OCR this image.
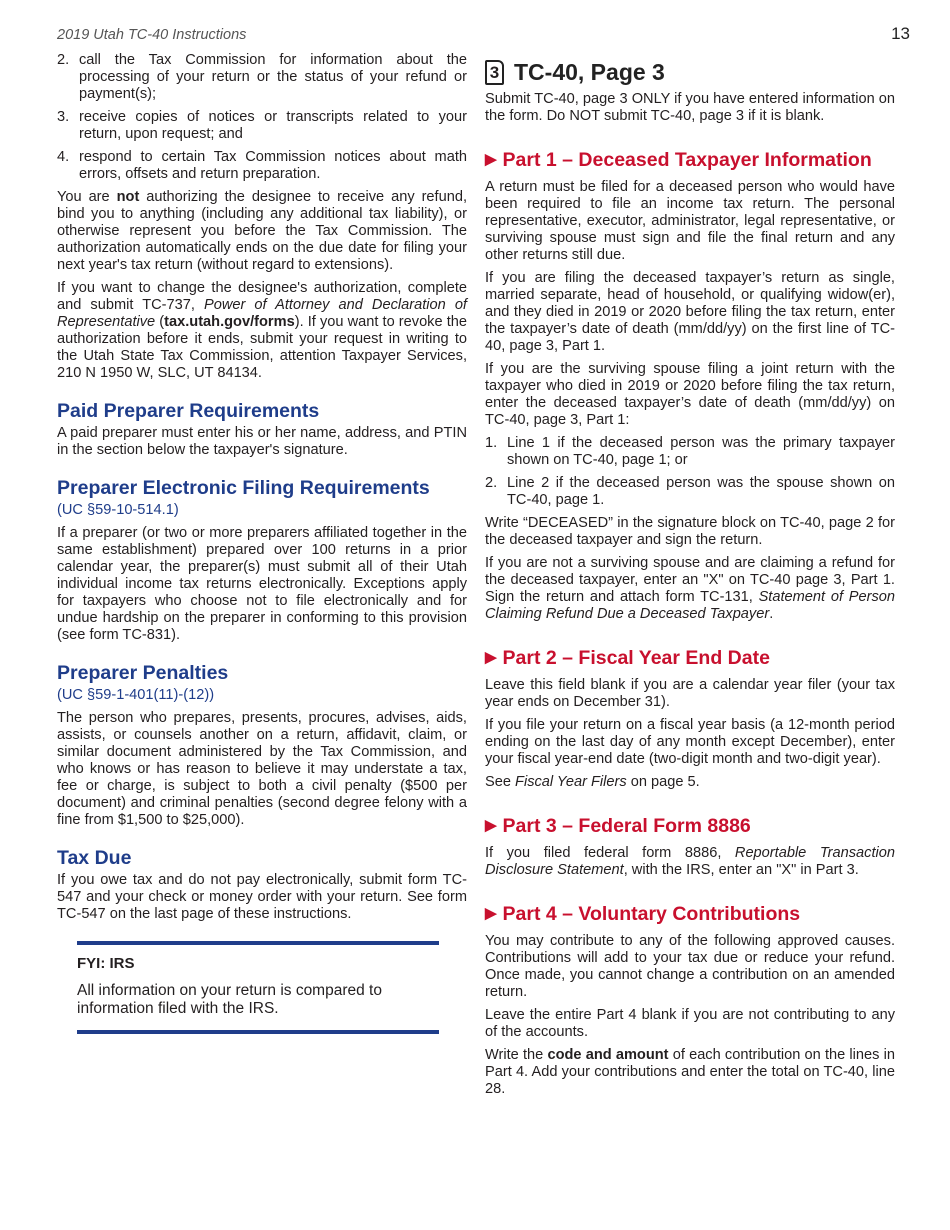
2019 Utah TC-40 Instructions	13
2. call the Tax Commission for information about the processing of your return or the status of your refund or payment(s);
3. receive copies of notices or transcripts related to your return, upon request; and
4. respond to certain Tax Commission notices about math errors, offsets and return preparation.

You are not authorizing the designee to receive any refund, bind you to anything (including any additional tax liability), or otherwise represent you before the Tax Commission. The authorization automatically ends on the due date for filing your next year's tax return (without regard to extensions).

If you want to change the designee's authorization, complete and submit TC-737, Power of Attorney and Declaration of Representative (tax.utah.gov/forms). If you want to revoke the authorization before it ends, submit your request in writing to the Utah State Tax Commission, attention Taxpayer Services, 210 N 1950 W, SLC, UT 84134.

Paid Preparer Requirements

A paid preparer must enter his or her name, address, and PTIN in the section below the taxpayer's signature.

Preparer Electronic Filing Requirements
(UC §59-10-514.1)

If a preparer (or two or more preparers affiliated together in the same establishment) prepared over 100 returns in a prior calendar year, the preparer(s) must submit all of their Utah individual income tax returns electronically. Exceptions apply for taxpayers who choose not to file electronically and for undue hardship on the preparer in conforming to this provision (see form TC-831).

Preparer Penalties
(UC §59-1-401(11)-(12))

The person who prepares, presents, procures, advises, aids, assists, or counsels another on a return, affidavit, claim, or similar document administered by the Tax Commission, and who knows or has reason to believe it may understate a tax, fee or charge, is subject to both a civil penalty ($500 per document) and criminal penalties (second degree felony with a fine from $1,500 to $25,000).

Tax Due

If you owe tax and do not pay electronically, submit form TC-547 and your check or money order with your return. See form TC-547 on the last page of these instructions.

FYI: IRS
All information on your return is compared to information filed with the IRS.
3 TC-40, Page 3

Submit TC-40, page 3 ONLY if you have entered information on the form. Do NOT submit TC-40, page 3 if it is blank.

▶ Part 1 – Deceased Taxpayer Information

A return must be filed for a deceased person who would have been required to file an income tax return. The personal representative, executor, administrator, legal representative, or surviving spouse must sign and file the final return and any other returns still due.

If you are filing the deceased taxpayer’s return as single, married separate, head of household, or qualifying widow(er), and they died in 2019 or 2020 before filing the tax return, enter the taxpayer’s date of death (mm/dd/yy) on the first line of TC-40, page 3, Part 1.

If you are the surviving spouse filing a joint return with the taxpayer who died in 2019 or 2020 before filing the tax return, enter the deceased taxpayer’s date of death (mm/dd/yy) on TC-40, page 3, Part 1:

1. Line 1 if the deceased person was the primary taxpayer shown on TC-40, page 1; or
2. Line 2 if the deceased person was the spouse shown on TC-40, page 1.

Write “DECEASED” in the signature block on TC-40, page 2 for the deceased taxpayer and sign the return.

If you are not a surviving spouse and are claiming a refund for the deceased taxpayer, enter an "X" on TC-40 page 3, Part 1. Sign the return and attach form TC-131, Statement of Person Claiming Refund Due a Deceased Taxpayer.

▶ Part 2 – Fiscal Year End Date

Leave this field blank if you are a calendar year filer (your tax year ends on December 31).

If you file your return on a fiscal year basis (a 12-month period ending on the last day of any month except December), enter your fiscal year-end date (two-digit month and two-digit year).

See Fiscal Year Filers on page 5.

▶ Part 3 – Federal Form 8886

If you filed federal form 8886, Reportable Transaction Disclosure Statement, with the IRS, enter an "X" in Part 3.

▶ Part 4 – Voluntary Contributions

You may contribute to any of the following approved causes. Contributions will add to your tax due or reduce your refund. Once made, you cannot change a contribution on an amended return.

Leave the entire Part 4 blank if you are not contributing to any of the accounts.

Write the code and amount of each contribution on the lines in Part 4. Add your contributions and enter the total on TC-40, line 28.
